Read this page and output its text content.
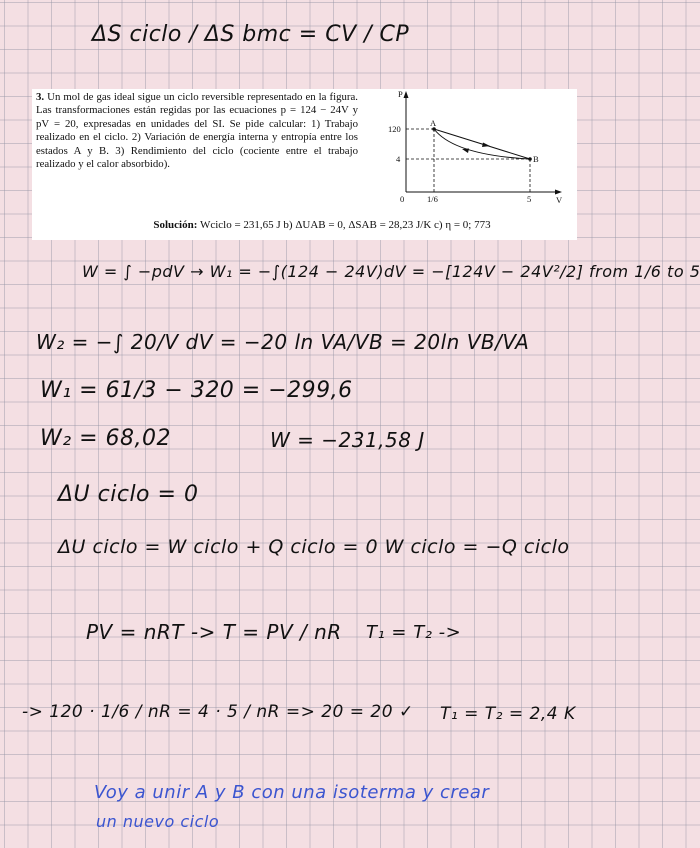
ΔS ciclo / ΔS bmc = CV / CP
3. Un mol de gas ideal sigue un ciclo reversible representado en la figura. Las transformaciones están regidas por las ecuaciones p = 124 − 24V y pV = 20, expresadas en unidades del SI. Se pide calcular: 1) Trabajo realizado en el ciclo. 2) Variación de energía interna y entropía entre los estados A y B. 3) Rendimiento del ciclo (cociente entre el trabajo realizado y el calor absorbido).
P
V
120
4
0	1/6	5
A
B
Solución: Wciclo = 231,65 J b) ΔUAB = 0, ΔSAB = 28,23 J/K c) η = 0; 773
W = ∫ −pdV → W₁ = −∫(124 − 24V)dV = −[124V − 24V²/2] from 1/6 to 5
W₂ = −∫ 20/V dV = −20 ln VA/VB = 20ln VB/VA
W₁ = 61/3 − 320 = −299,6
W₂ = 68,02	W = −231,58 J
ΔU ciclo = 0
ΔU ciclo = W ciclo + Q ciclo = 0 W ciclo = −Q ciclo
PV = nRT -> T = PV / nR T₁ = T₂ ->
-> 120 · 1/6 / nR = 4 · 5 / nR => 20 = 20 ✓ T₁ = T₂ = 2,4 K
Voy a unir A y B con una isoterma y crear
un nuevo ciclo
